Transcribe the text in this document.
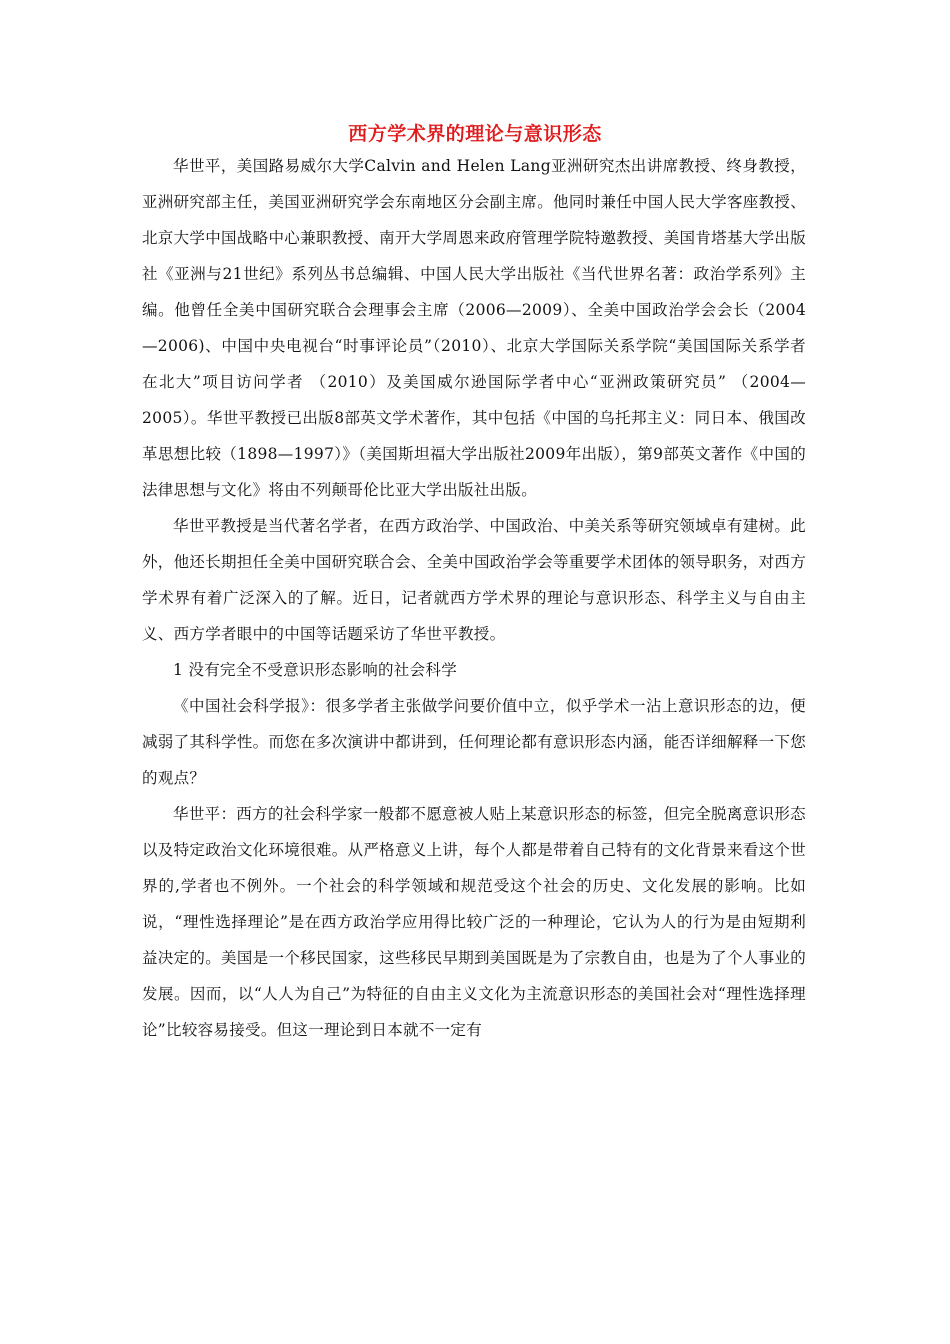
西方学术界的理论与意识形态

华世平，美国路易威尔大学Calvin and Helen Lang亚洲研究杰出讲席教授、终身教授，亚洲研究部主任，美国亚洲研究学会东南地区分会副主席。他同时兼任中国人民大学客座教授、北京大学中国战略中心兼职教授、南开大学周恩来政府管理学院特邀教授、美国肯塔基大学出版社《亚洲与21世纪》系列丛书总编辑、中国人民大学出版社《当代世界名著：政治学系列》主编。他曾任全美中国研究联合会理事会主席（2006—2009）、全美中国政治学会会长（2004—2006)、中国中央电视台“时事评论员”（2010）、北京大学国际关系学院“美国国际关系学者在北大”项目访问学者 （2010）及美国威尔逊国际学者中心“亚洲政策研究员” （2004—2005）。华世平教授已出版8部英文学术著作，其中包括《中国的乌托邦主义：同日本、俄国改革思想比较（1898—1997）》（美国斯坦福大学出版社2009年出版），第9部英文著作《中国的法律思想与文化》将由不列颠哥伦比亚大学出版社出版。

华世平教授是当代著名学者，在西方政治学、中国政治、中美关系等研究领域卓有建树。此外，他还长期担任全美中国研究联合会、全美中国政治学会等重要学术团体的领导职务，对西方学术界有着广泛深入的了解。近日，记者就西方学术界的理论与意识形态、科学主义与自由主义、西方学者眼中的中国等话题采访了华世平教授。

1 没有完全不受意识形态影响的社会科学

《中国社会科学报》：很多学者主张做学问要价值中立，似乎学术一沾上意识形态的边，便减弱了其科学性。而您在多次演讲中都讲到，任何理论都有意识形态内涵，能否详细解释一下您的观点？

华世平：西方的社会科学家一般都不愿意被人贴上某意识形态的标签，但完全脱离意识形态以及特定政治文化环境很难。从严格意义上讲，每个人都是带着自己特有的文化背景来看这个世界的,学者也不例外。一个社会的科学领域和规范受这个社会的历史、文化发展的影响。比如说，“理性选择理论”是在西方政治学应用得比较广泛的一种理论，它认为人的行为是由短期利益决定的。美国是一个移民国家，这些移民早期到美国既是为了宗教自由，也是为了个人事业的发展。因而，以“人人为自己”为特征的自由主义文化为主流意识形态的美国社会对“理性选择理论”比较容易接受。但这一理论到日本就不一定有
